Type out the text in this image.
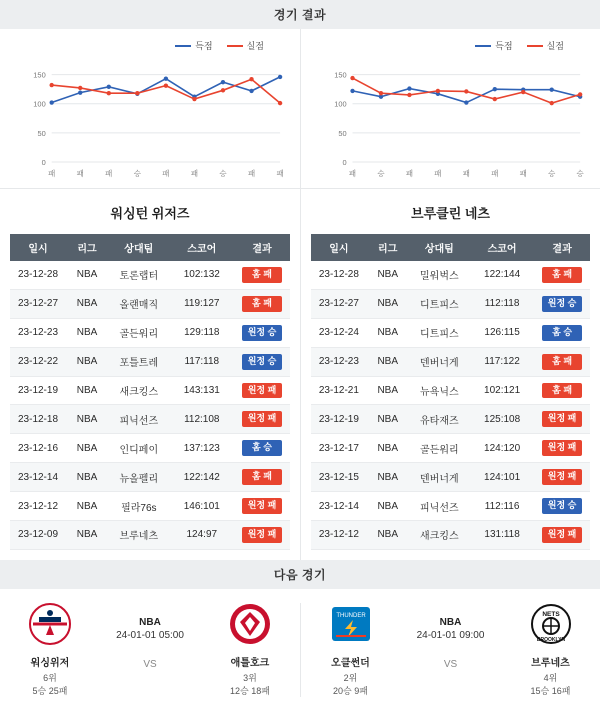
경기 결과
득점	실점
0
50
100
150
패	패	패	승	패	패	승	패	패
득점	실점
0
50
100
150
패	승	패	패	패	패	패	승	승
워싱턴 위저즈
일시	리그	상대팀	스코어	결과
23-12-28	NBA	토론랩터	102:132	홈 패
23-12-27	NBA	올랜매직	119:127	홈 패
23-12-23	NBA	골든워리	129:118	원정 승
23-12-22	NBA	포틀트레	117:118	원정 승
23-12-19	NBA	새크킹스	143:131	원정 패
23-12-18	NBA	피닉선즈	112:108	원정 패
23-12-16	NBA	인디페이	137:123	홈 승
23-12-14	NBA	뉴올펠리	122:142	홈 패
23-12-12	NBA	필라76s	146:101	원정 패
23-12-09	NBA	브루네츠	124:97	원정 패
브루클린 네츠
일시	리그	상대팀	스코어	결과
23-12-28	NBA	밀워벅스	122:144	홈 패
23-12-27	NBA	디트피스	112:118	원정 승
23-12-24	NBA	디트피스	126:115	홈 승
23-12-23	NBA	덴버너게	117:122	홈 패
23-12-21	NBA	뉴욕닉스	102:121	홈 패
23-12-19	NBA	유타재즈	125:108	원정 패
23-12-17	NBA	골든워리	124:120	원정 패
23-12-15	NBA	덴버너게	124:101	원정 패
23-12-14	NBA	피닉선즈	112:116	원정 승
23-12-12	NBA	새크킹스	131:118	원정 패
다음 경기
워싱위저
6위
5승 25패
NBA
24-01-01 05:00
VS	애틀호크
3위
12승 18패
THUNDER
오클썬더
2위
20승 9패
NBA
24-01-01 09:00
VS
NETS
BROOKLYN
브루네츠
4위
15승 16패
